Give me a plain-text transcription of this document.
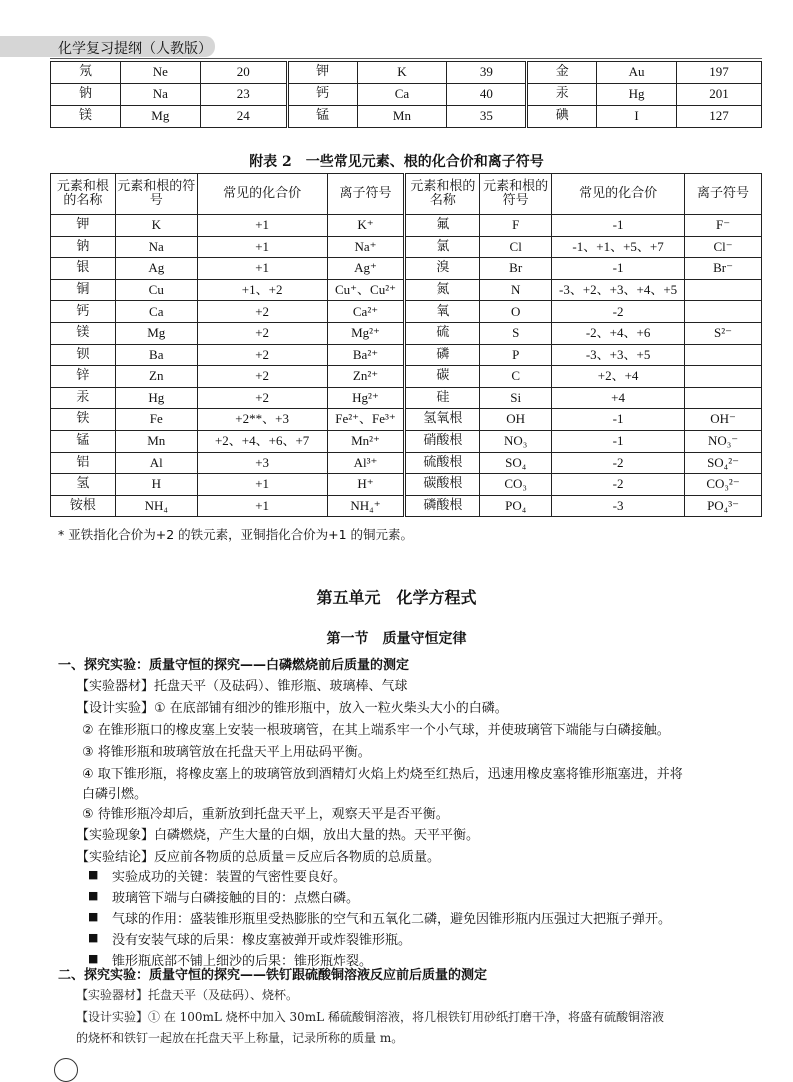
化学复习提纲（人教版）
氖	Ne	20	钾	K	39	金	Au	197
钠	Na	23	钙	Ca	40	汞	Hg	201
镁	Mg	24	锰	Mn	35	碘	I	127
附表 2　一些常见元素、根的化合价和离子符号
元素和根的名称	元素和根的符号	常见的化合价	离子符号	元素和根的名称	元素和根的符号	常见的化合价	离子符号
钾	K	+1	K⁺	氟	F	-1	F⁻
钠	Na	+1	Na⁺	氯	Cl	-1、+1、+5、+7	Cl⁻
银	Ag	+1	Ag⁺	溴	Br	-1	Br⁻
铜	Cu	+1、+2	Cu⁺、Cu²⁺	氮	N	-3、+2、+3、+4、+5	
钙	Ca	+2	Ca²⁺	氧	O	-2	
镁	Mg	+2	Mg²⁺	硫	S	-2、+4、+6	S²⁻
钡	Ba	+2	Ba²⁺	磷	P	-3、+3、+5	
锌	Zn	+2	Zn²⁺	碳	C	+2、+4	
汞	Hg	+2	Hg²⁺	硅	Si	+4	
铁	Fe	+2**、+3	Fe²⁺、Fe³⁺	氢氧根	OH	-1	OH⁻
锰	Mn	+2、+4、+6、+7	Mn²⁺	硝酸根	NO₃	-1	NO₃⁻
铝	Al	+3	Al³⁺	硫酸根	SO₄	-2	SO₄²⁻
氢	H	+1	H⁺	碳酸根	CO₃	-2	CO₃²⁻
铵根	NH₄	+1	NH₄⁺	磷酸根	PO₄	-3	PO₄³⁻
* 亚铁指化合价为+2 的铁元素，亚铜指化合价为+1 的铜元素。
第五单元　化学方程式
第一节　质量守恒定律
一、探究实验：质量守恒的探究——白磷燃烧前后质量的测定
【实验器材】托盘天平（及砝码）、锥形瓶、玻璃棒、气球
【设计实验】① 在底部铺有细沙的锥形瓶中，放入一粒火柴头大小的白磷。
② 在锥形瓶口的橡皮塞上安装一根玻璃管，在其上端系牢一个小气球，并使玻璃管下端能与白磷接触。
③ 将锥形瓶和玻璃管放在托盘天平上用砝码平衡。
④ 取下锥形瓶，将橡皮塞上的玻璃管放到酒精灯火焰上灼烧至红热后，迅速用橡皮塞将锥形瓶塞进，并将
白磷引燃。
⑤ 待锥形瓶冷却后，重新放到托盘天平上，观察天平是否平衡。
【实验现象】白磷燃烧，产生大量的白烟，放出大量的热。天平平衡。
【实验结论】反应前各物质的总质量＝反应后各物质的总质量。
■ 实验成功的关键：装置的气密性要良好。
■ 玻璃管下端与白磷接触的目的：点燃白磷。
■ 气球的作用：盛装锥形瓶里受热膨胀的空气和五氧化二磷，避免因锥形瓶内压强过大把瓶子弹开。
■ 没有安装气球的后果：橡皮塞被弹开或炸裂锥形瓶。
■ 锥形瓶底部不铺上细沙的后果：锥形瓶炸裂。
二、探究实验：质量守恒的探究——铁钉跟硫酸铜溶液反应前后质量的测定
【实验器材】托盘天平（及砝码）、烧杯。
【设计实验】① 在 100mL 烧杯中加入 30mL 稀硫酸铜溶液，将几根铁钉用砂纸打磨干净，将盛有硫酸铜溶液
的烧杯和铁钉一起放在托盘天平上称量，记录所称的质量 m。
